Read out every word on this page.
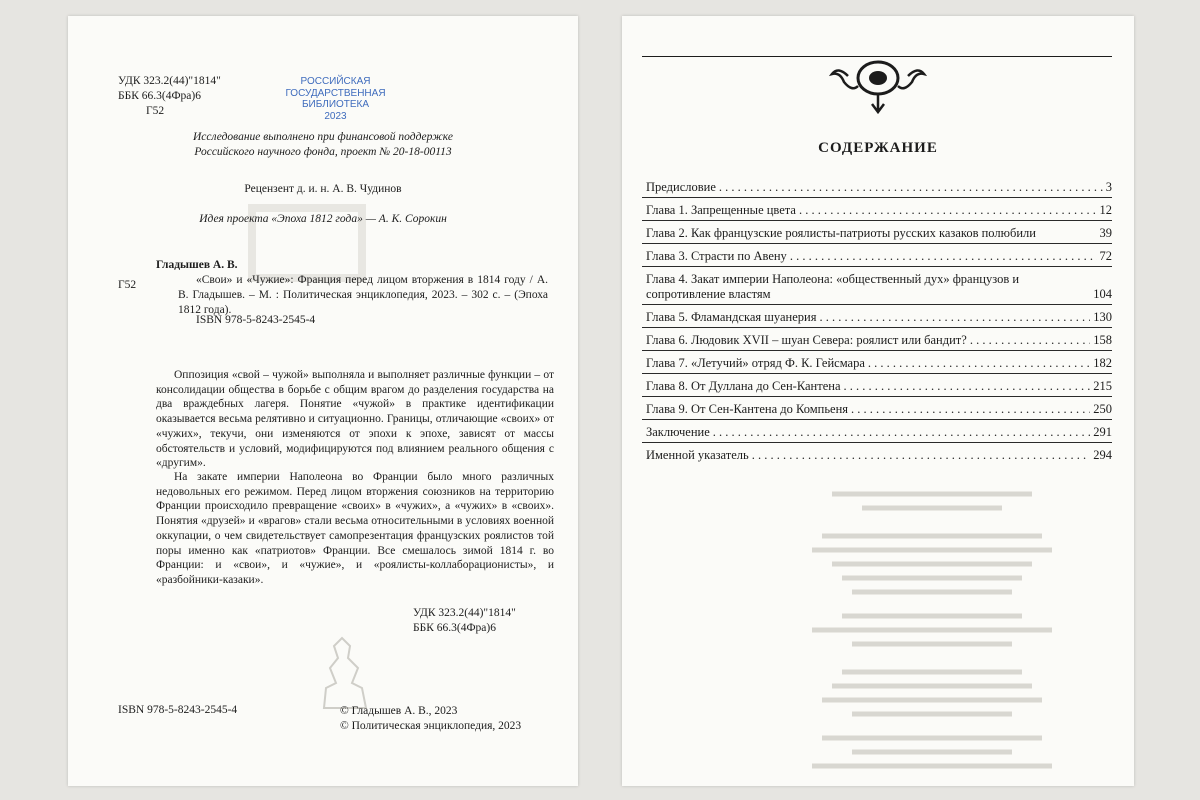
УДК 323.2(44)"1814"
ББК 66.3(4Фра)6
Г52
РОССИЙСКАЯ
ГОСУДАРСТВЕННАЯ
БИБЛИОТЕКА
2023
Исследование выполнено при финансовой поддержке
Российского научного фонда, проект № 20-18-00113
Рецензент д. и. н. А. В. Чудинов
Идея проекта «Эпоха 1812 года» — А. К. Сорокин
Гладышев А. В.
«Свои» и «Чужие»: Франция перед лицом вторжения в 1814 году / А. В. Гладышев. – М. : Политическая энциклопедия, 2023. – 302 с. – (Эпоха 1812 года).
Г52
ISBN 978-5-8243-2545-4
Оппозиция «свой – чужой» выполняла и выполняет различные функции – от консолидации общества в борьбе с общим врагом до разделения государства на два враждебных лагеря. Понятие «чужой» в практике идентификации оказывается весьма релятивно и ситуационно. Границы, отличающие «своих» от «чужих», текучи, они изменяются от эпохи к эпохе, зависят от массы обстоятельств и условий, модифицируются под влиянием реального общения с «другим».
На закате империи Наполеона во Франции было много различных недовольных его режимом. Перед лицом вторжения союзников на территорию Франции происходило превращение «своих» в «чужих», а «чужих» в «своих». Понятия «друзей» и «врагов» стали весьма относительными в условиях военной оккупации, о чем свидетельствует самопрезентация французских роялистов той поры именно как «патриотов» Франции. Все смешалось зимой 1814 г. во Франции: и «свои», и «чужие», и «роялисты-коллаборационисты», и «разбойники-казаки».
УДК 323.2(44)"1814"
ББК 66.3(4Фра)6
ISBN 978-5-8243-2545-4	© Гладышев А. В., 2023
© Политическая энциклопедия, 2023
СОДЕРЖАНИЕ
Предисловие . . .	3
Глава 1. Запрещенные цвета . . .	12
Глава 2. Как французские роялисты-патриоты русских казаков полюбили	39
Глава 3. Страсти по Авену . . .	72
Глава 4. Закат империи Наполеона: «общественный дух» французов и сопротивление властям	104
Глава 5. Фламандская шуанерия . . .	130
Глава 6. Людовик XVII – шуан Севера: роялист или бандит? . . .	158
Глава 7. «Летучий» отряд Ф. К. Гейсмара . . .	182
Глава 8. От Дуллана до Сен-Кантена . . .	215
Глава 9. От Сен-Кантена до Компьеня . . .	250
Заключение . . .	291
Именной указатель . . .	294
